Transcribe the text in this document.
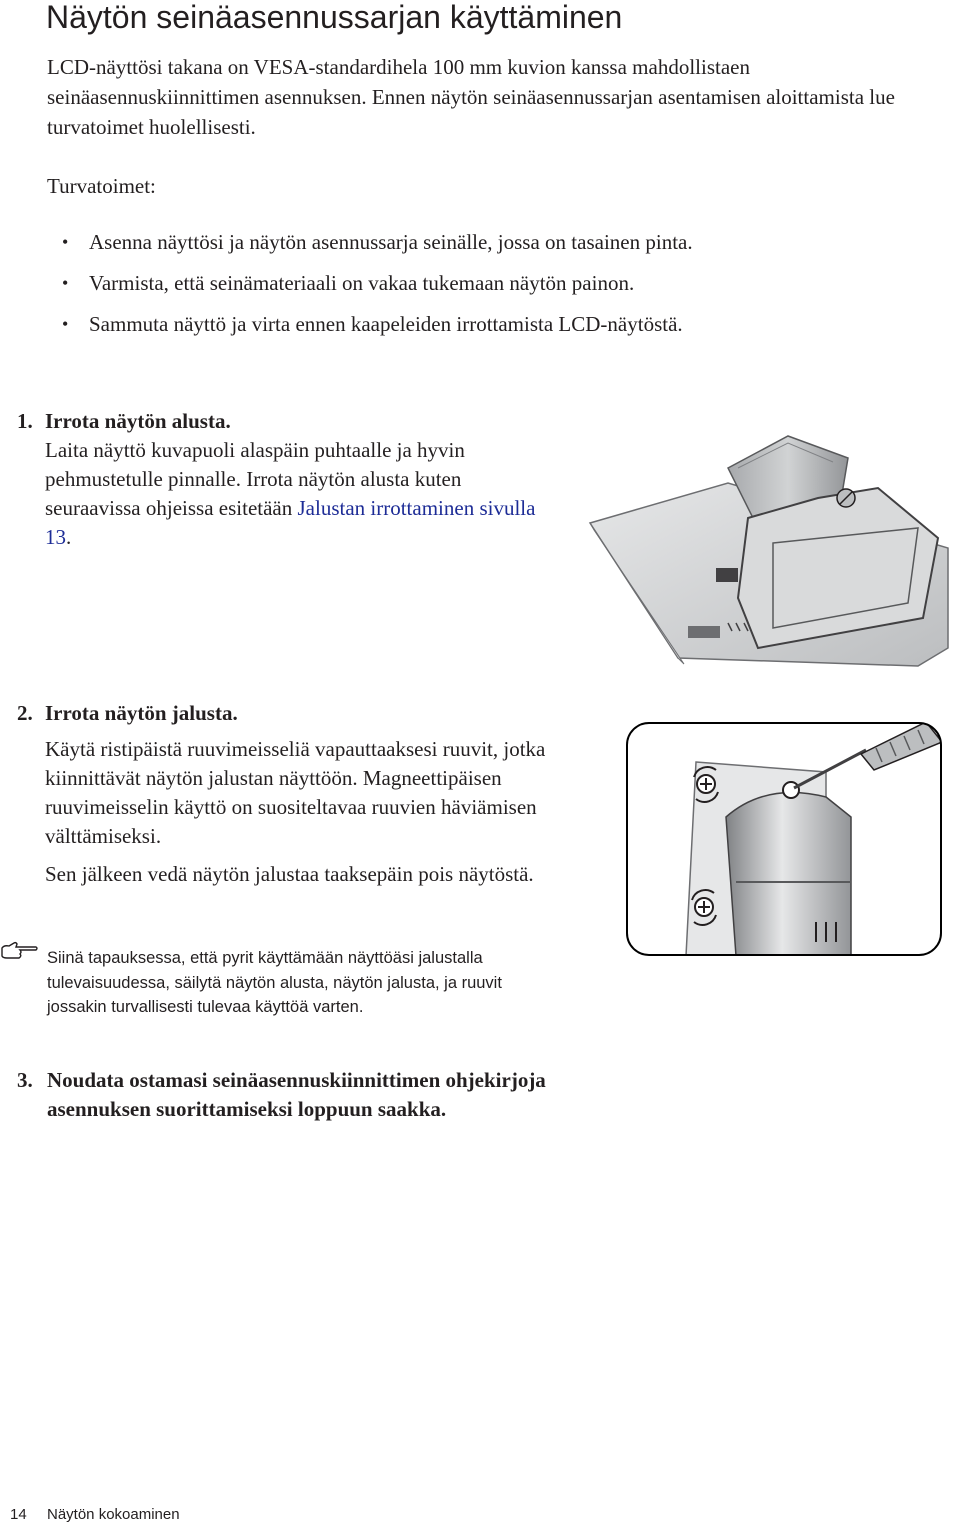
Näytön seinäasennussarjan käyttäminen

LCD-näyttösi takana on VESA-standardihela 100 mm kuvion kanssa mahdollistaen seinäasennuskiinnittimen asennuksen. Ennen näytön seinäasennussarjan asentamisen aloittamista lue turvatoimet huolellisesti.

Turvatoimet:

• Asenna näyttösi ja näytön asennussarja seinälle, jossa on tasainen pinta.
• Varmista, että seinämateriaali on vakaa tukemaan näytön painon.
• Sammuta näyttö ja virta ennen kaapeleiden irrottamista LCD-näytöstä.

1. Irrota näytön alusta.

Laita näyttö kuvapuoli alaspäin puhtaalle ja hyvin pehmustetulle pinnalle. Irrota näytön alusta kuten seuraavissa ohjeissa esitetään Jalustan irrottaminen sivulla 13.

2. Irrota näytön jalusta.

Käytä ristipäistä ruuvimeisseliä vapauttaaksesi ruuvit, jotka kiinnittävät näytön jalustan näyttöön. Magneettipäisen ruuvimeisselin käyttö on suositeltavaa ruuvien häviämisen välttämiseksi.

Sen jälkeen vedä näytön jalustaa taaksepäin pois näytöstä.

Siinä tapauksessa, että pyrit käyttämään näyttöäsi jalustalla tulevaisuudessa, säilytä näytön alusta, näytön jalusta, ja ruuvit jossakin turvallisesti tulevaa käyttöä varten.

3. Noudata ostamasi seinäasennuskiinnittimen ohjekirjoja asennuksen suorittamiseksi loppuun saakka.

14 Näytön kokoaminen
